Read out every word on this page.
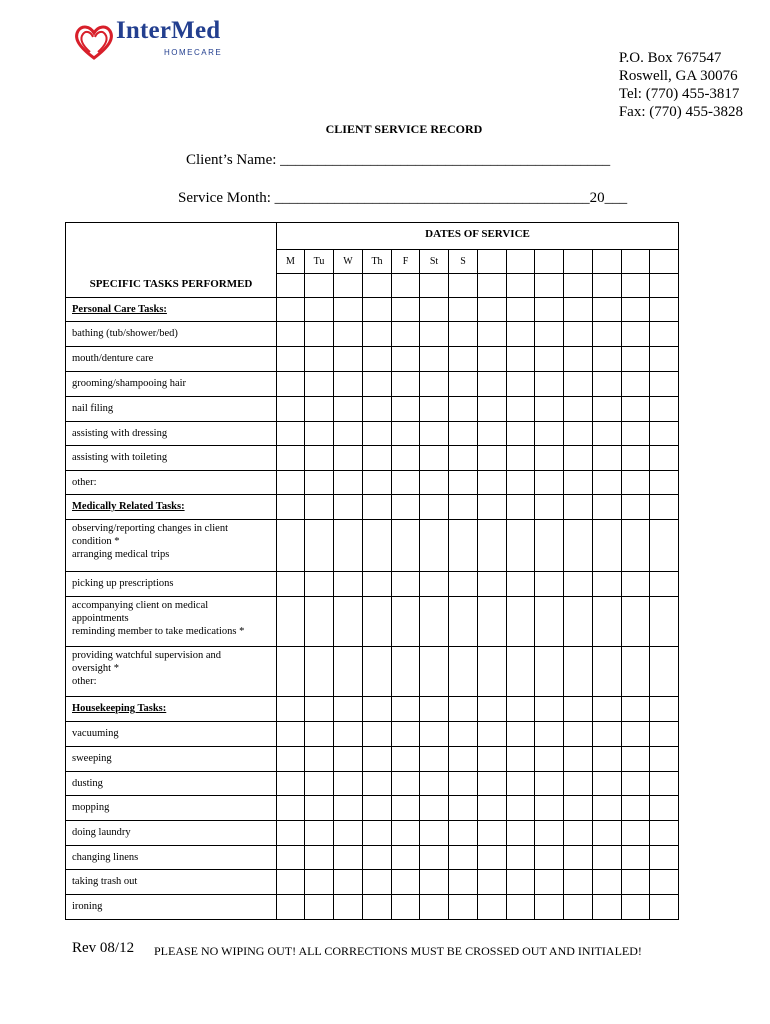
InterMed
HOMECARE	P.O. Box 767547
Roswell, GA 30076
Tel: (770) 455-3817
Fax: (770) 455-3828
CLIENT SERVICE RECORD
Client’s Name: ____________________________________________
Service Month: __________________________________________20___
	DATES OF SERVICE													
	M	Tu	W	Th	F	St	S							
SPECIFIC TASKS PERFORMED														
Personal Care Tasks:														
bathing (tub/shower/bed)														
mouth/denture care														
grooming/shampooing hair														
nail filing														
assisting with dressing														
assisting with toileting														
other:														
Medically Related Tasks:														

observing/reporting changes in client
condition *
arranging medical trips														

picking up prescriptions														

accompanying client on medical
appointments
reminding member to take medications *														

providing watchful supervision and
oversight *
other:														

Housekeeping Tasks:														
vacuuming														
sweeping														
dusting														
mopping														
doing laundry														
changing linens														
taking trash out														
ironing														
Rev 08/12 PLEASE NO WIPING OUT! ALL CORRECTIONS MUST BE CROSSED OUT AND INITIALED!
